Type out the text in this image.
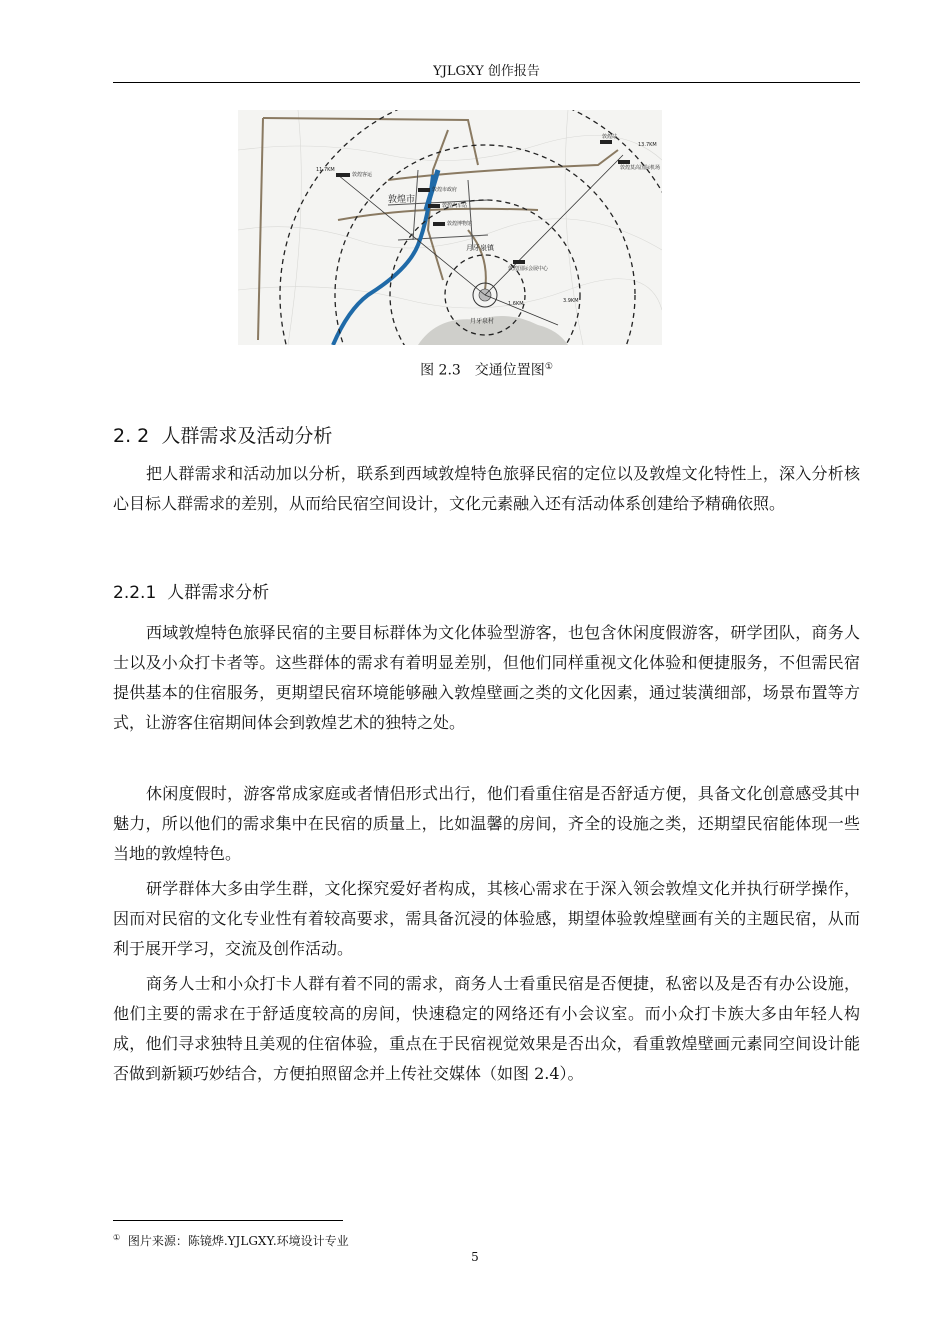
YJLGXY 创作报告
11.7KM
13.7KM
1.6KM	3.9KM
敦煌客运
敦煌市政府
敦煌汽车站
敦煌博物馆
敦煌国际会展中心
敦煌站
敦煌莫高国际机场
敦煌市
月牙泉镇
月牙泉村
图 2.3　交通位置图①
2. 2 人群需求及活动分析
把人群需求和活动加以分析，联系到西域敦煌特色旅驿民宿的定位以及敦煌文化特性上，深入分析核心目标人群需求的差别，从而给民宿空间设计，文化元素融入还有活动体系创建给予精确依照。
2.2.1 人群需求分析
西域敦煌特色旅驿民宿的主要目标群体为文化体验型游客，也包含休闲度假游客，研学团队，商务人士以及小众打卡者等。这些群体的需求有着明显差别，但他们同样重视文化体验和便捷服务，不但需民宿提供基本的住宿服务，更期望民宿环境能够融入敦煌壁画之类的文化因素，通过装潢细部，场景布置等方式，让游客住宿期间体会到敦煌艺术的独特之处。
休闲度假时，游客常成家庭或者情侣形式出行，他们看重住宿是否舒适方便，具备文化创意感受其中魅力，所以他们的需求集中在民宿的质量上，比如温馨的房间，齐全的设施之类，还期望民宿能体现一些当地的敦煌特色。
研学群体大多由学生群，文化探究爱好者构成，其核心需求在于深入领会敦煌文化并执行研学操作，因而对民宿的文化专业性有着较高要求，需具备沉浸的体验感，期望体验敦煌壁画有关的主题民宿，从而利于展开学习，交流及创作活动。
商务人士和小众打卡人群有着不同的需求，商务人士看重民宿是否便捷，私密以及是否有办公设施，他们主要的需求在于舒适度较高的房间，快速稳定的网络还有小会议室。而小众打卡族大多由年轻人构成，他们寻求独特且美观的住宿体验，重点在于民宿视觉效果是否出众，看重敦煌壁画元素同空间设计能否做到新颖巧妙结合，方便拍照留念并上传社交媒体（如图 2.4）。
① 图片来源：陈镜烨.YJLGXY.环境设计专业
5
